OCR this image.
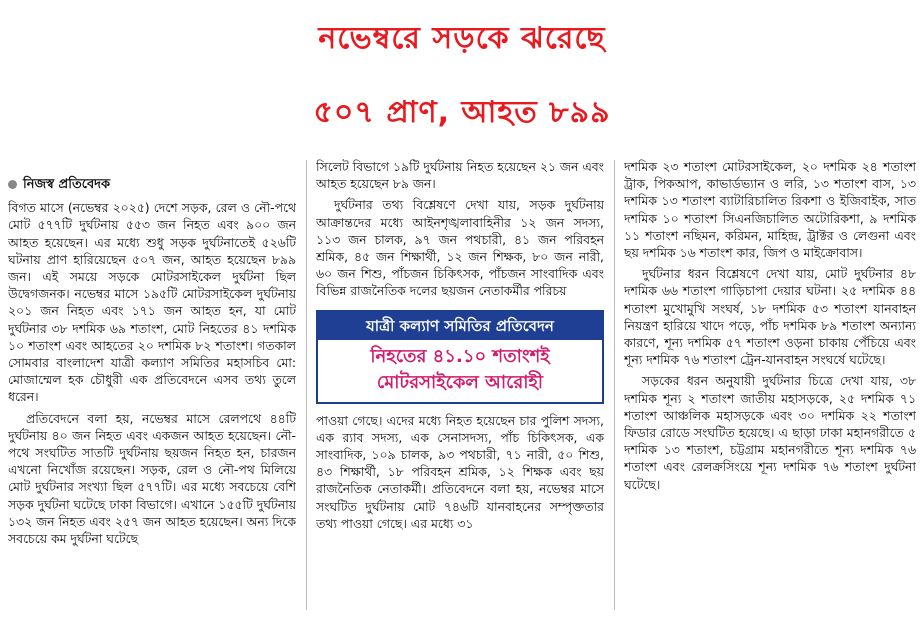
নভেম্বরে সড়কে ঝরেছে
৫০৭ প্রাণ, আহত ৮৯৯
নিজস্ব প্রতিবেদক

বিগত মাসে (নভেম্বর ২০২৫) দেশে সড়ক, রেল ও নৌ-পথে মোট ৫৭৭টি দুর্ঘটনায় ৫৫৩ জন নিহত এবং ৯০০ জন আহত হয়েছেন। এর মধ্যে শুধু সড়ক দুর্ঘটনাতেই ৫২৬টি ঘটনায় প্রাণ হারিয়েছেন ৫০৭ জন, আহত হয়েছেন ৮৯৯ জন। এই সময়ে সড়কে মোটরসাইকেল দুর্ঘটনা ছিল উদ্বেগজনক। নভেম্বর মাসে ১৯৫টি মোটরসাইকেল দুর্ঘটনায় ২০১ জন নিহত এবং ১৭১ জন আহত হন, যা মোট দুর্ঘটনার ৩৮ দশমিক ৬৯ শতাংশ, মোট নিহতের ৪১ দশমিক ১০ শতাংশ এবং আহতের ২০ দশমিক ৮২ শতাংশ। গতকাল সোমবার বাংলাদেশ যাত্রী কল্যাণ সমিতির মহাসচিব মো: মোজাম্মেল হক চৌধুরী এক প্রতিবেদনে এসব তথ্য তুলে ধরেন।

প্রতিবেদনে বলা হয়, নভেম্বর মাসে রেলপথে ৪৪টি দুর্ঘটনায় ৪০ জন নিহত এবং একজন আহত হয়েছেন। নৌ-পথে সংঘটিত সাতটি দুর্ঘটনায় ছয়জন নিহত হন, চারজন এখনো নিখোঁজ রয়েছেন। সড়ক, রেল ও নৌ-পথ মিলিয়ে মোট দুর্ঘটনার সংখ্যা ছিল ৫৭৭টি। এর মধ্যে সবচেয়ে বেশি সড়ক দুর্ঘটনা ঘটেছে ঢাকা বিভাগে। এখানে ১৫৫টি দুর্ঘটনায় ১৩২ জন নিহত এবং ২৫৭ জন আহত হয়েছেন। অন্য দিকে সবচেয়ে কম দুর্ঘটনা ঘটেছে

সিলেট বিভাগে ১৯টি দুর্ঘটনায় নিহত হয়েছেন ২১ জন এবং আহত হয়েছেন ৮৯ জন।

দুর্ঘটনার তথ্য বিশ্লেষণে দেখা যায়, সড়ক দুর্ঘটনায় আক্রান্তদের মধ্যে আইনশৃঙ্খলাবাহিনীর ১২ জন সদস্য, ১১৩ জন চালক, ৯৭ জন পথচারী, ৪১ জন পরিবহন শ্রমিক, ৪৫ জন শিক্ষার্থী, ১২ জন শিক্ষক, ৮০ জন নারী, ৬০ জন শিশু, পাঁচজন চিকিৎসক, পাঁচজন সাংবাদিক এবং বিভিন্ন রাজনৈতিক দলের ছয়জন নেতাকর্মীর পরিচয়

যাত্রী কল্যাণ সমিতির প্রতিবেদন
নিহতের ৪১.১০ শতাংশই
মোটরসাইকেল আরোহী

পাওয়া গেছে। এদের মধ্যে নিহত হয়েছেন চার পুলিশ সদস্য, এক র‌্যাব সদস্য, এক সেনাসদস্য, পাঁচ চিকিৎসক, এক সাংবাদিক, ১০৯ চালক, ৯৩ পথচারী, ৭১ নারী, ৫০ শিশু, ৪৩ শিক্ষার্থী, ১৮ পরিবহন শ্রমিক, ১২ শিক্ষক এবং ছয় রাজনৈতিক নেতাকর্মী। প্রতিবেদনে বলা হয়, নভেম্বর মাসে সংঘটিত দুর্ঘটনায় মোট ৭৪৬টি যানবাহনের সম্পৃক্ততার তথ্য পাওয়া গেছে। এর মধ্যে ৩১

দশমিক ২৩ শতাংশ মোটরসাইকেল, ২০ দশমিক ২৪ শতাংশ ট্রাক, পিকআপ, কাভার্ডভ্যান ও লরি, ১৩ শতাংশ বাস, ১৩ দশমিক ১৩ শতাংশ ব্যাটারিচালিত রিকশা ও ইজিবাইক, সাত দশমিক ১০ শতাংশ সিএনজিচালিত অটোরিকশা, ৯ দশমিক ১১ শতাংশ নছিমন, করিমন, মাহিন্দ্র, ট্রাক্টর ও লেগুনা এবং ছয় দশমিক ১৬ শতাংশ কার, জিপ ও মাইক্রোবাস।

দুর্ঘটনার ধরন বিশ্লেষণে দেখা যায়, মোট দুর্ঘটনার ৪৮ দশমিক ৬৬ শতাংশ গাড়িচাপা দেয়ার ঘটনা। ২৫ দশমিক ৪৪ শতাংশ মুখোমুখি সংঘর্ষ, ১৮ দশমিক ৫৩ শতাংশ যানবাহন নিয়ন্ত্রণ হারিয়ে খাদে পড়ে, পাঁচ দশমিক ৮৯ শতাংশ অন্যান্য কারণে, শূন্য দশমিক ৫৭ শতাংশ ওড়না চাকায় পেঁচিয়ে এবং শূন্য দশমিক ৭৬ শতাংশ ট্রেন-যানবাহন সংঘর্ষে ঘটেছে।

সড়কের ধরন অনুযায়ী দুর্ঘটনার চিত্রে দেখা যায়, ৩৮ দশমিক শূন্য ২ শতাংশ জাতীয় মহাসড়কে, ২৫ দশমিক ৭১ শতাংশ আঞ্চলিক মহাসড়কে এবং ৩০ দশমিক ২২ শতাংশ ফিডার রোডে সংঘটিত হয়েছে। এ ছাড়া ঢাকা মহানগরীতে ৫ দশমিক ১৩ শতাংশ, চট্টগ্রাম মহানগরীতে শূন্য দশমিক ৭৬ শতাংশ এবং রেলক্রসিংয়ে শূন্য দশমিক ৭৬ শতাংশ দুর্ঘটনা ঘটেছে।
